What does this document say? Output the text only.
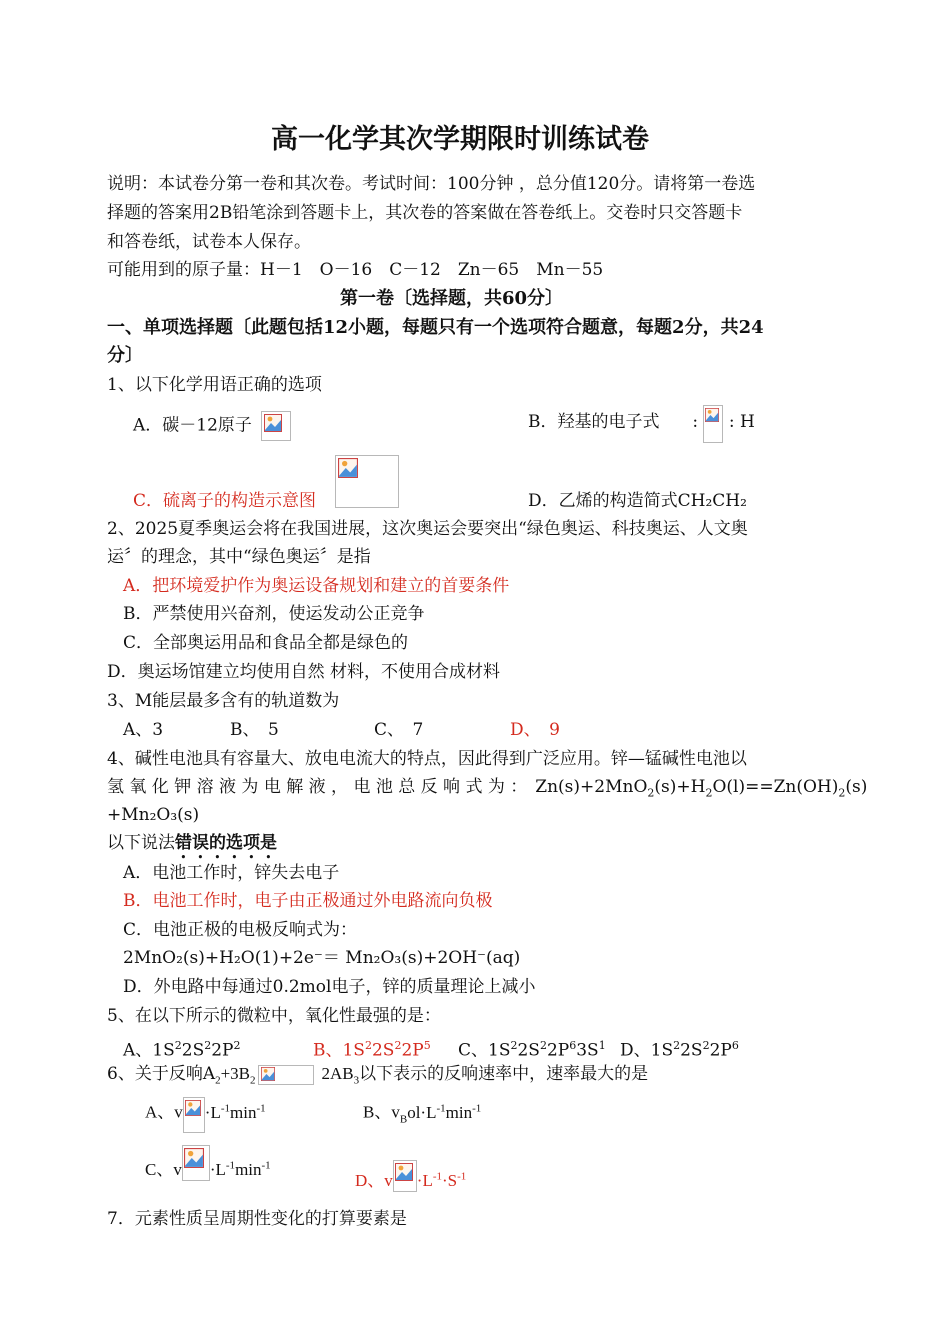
高一化学其次学期限时训练试卷
说明：本试卷分第一卷和其次卷。考试时间：100分钟 ，总分值120分。请将第一卷选
择题的答案用2B铅笔涂到答题卡上，其次卷的答案做在答卷纸上。交卷时只交答题卡
和答卷纸，试卷本人保存。
可能用到的原子量：H－1　O－16　C－12　Zn－65　Mn－55
第一卷〔选择题，共60分〕
一、单项选择题〔此题包括12小题，每题只有一个选项符合题意，每题2分，共24
分〕
1、以下化学用语正确的选项
A．碳－12原子	B．羟基的电子式 : : H
C．硫离子的构造示意图	D．乙烯的构造简式CH₂CH₂
2、2025夏季奥运会将在我国进展，这次奥运会要突出“绿色奥运、科技奥运、人文奥
运〞的理念，其中“绿色奥运〞是指
A．把环境爱护作为奥运设备规划和建立的首要条件
B．严禁使用兴奋剂，使运发动公正竞争
C．全部奥运用品和食品全都是绿色的
D．奥运场馆建立均使用自然 材料，不使用合成材料
3、M能层最多含有的轨道数为
A、3	B、　5	C、　7	D、　9
4、碱性电池具有容量大、放电电流大的特点，因此得到广泛应用。锌—锰碱性电池以
氢 氧 化 钾 溶 液 为 电 解 液 ， 电 池 总 反 响 式 为 ： $Zn(s)+2MnO_2(s)+H_2O(l)==Zn(OH)_2(s)$
+Mn₂O₃(s)
以下说法错误的选项是
A．电池工作时，锌失去电子
B．电池工作时，电子由正极通过外电路流向负极
C．电池正极的电极反响式为：
2MnO₂(s)+H₂O(1)+2e⁻＝ Mn₂O₃(s)+2OH⁻(aq)
D．外电路中每通过0.2mol电子，锌的质量理论上减小
5、在以下所示的微粒中，氧化性最强的是：
A、$1S^22S^22P^2$	B、$1S^22S^22P^5$ C、$1S^22S^22P^63S^1$ D、$1S^22S^22P^6$
6、关于反响$A_2+3B_2$	$2AB_3$以下表示的反响速率中，速率最大的是
A、$v \cdot L^{-1}\min^{-1}$	B、$v_Bol\cdot L^{-1}\min^{-1}$
C、$v \cdot L^{-1}\min^{-1}$
D、$v \cdot L^{-1}\cdot S^{-1}$
7．元素性质呈周期性变化的打算要素是
